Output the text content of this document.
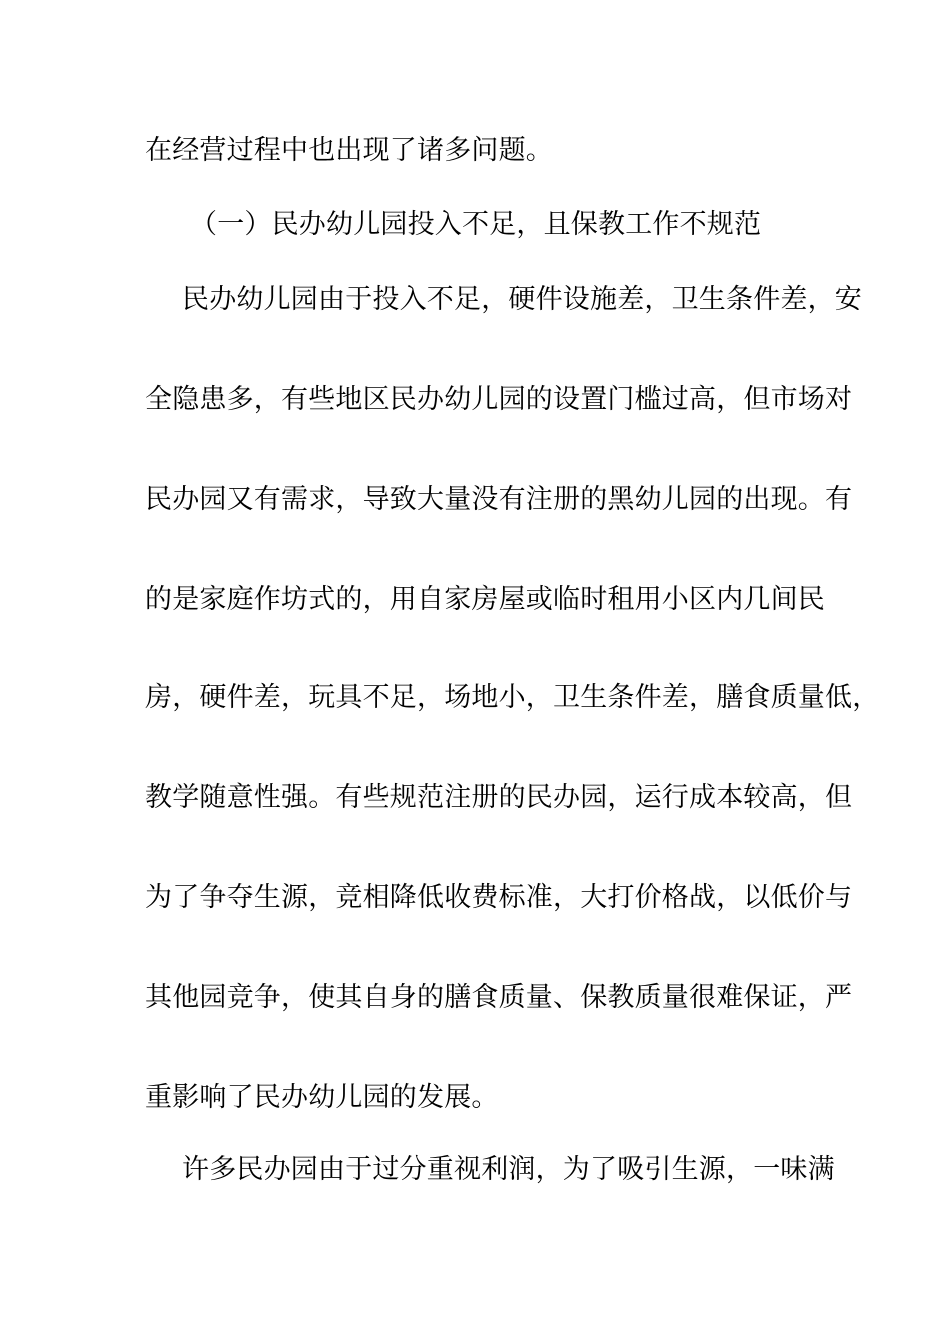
在经营过程中也出现了诸多问题。
（一）民办幼儿园投入不足，且保教工作不规范
民办幼儿园由于投入不足，硬件设施差，卫生条件差，安
全隐患多，有些地区民办幼儿园的设置门槛过高，但市场对
民办园又有需求，导致大量没有注册的黑幼儿园的出现。有
的是家庭作坊式的，用自家房屋或临时租用小区内几间民
房，硬件差，玩具不足，场地小，卫生条件差，膳食质量低，
教学随意性强。有些规范注册的民办园，运行成本较高，但
为了争夺生源，竞相降低收费标准，大打价格战，以低价与
其他园竞争，使其自身的膳食质量、保教质量很难保证，严
重影响了民办幼儿园的发展。
许多民办园由于过分重视利润，为了吸引生源，一味满
